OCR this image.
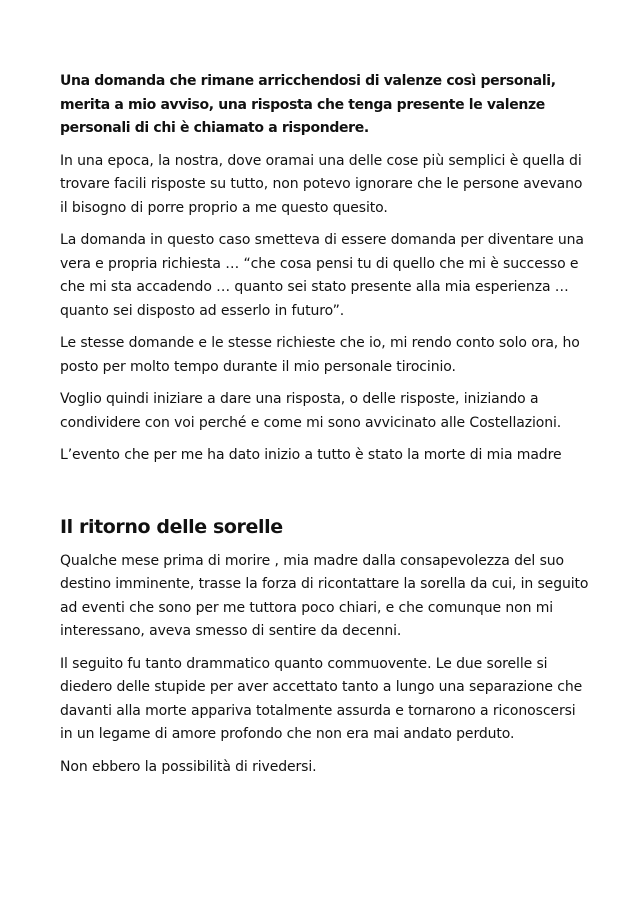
Una domanda che rimane arricchendosi di valenze così personali, merita a mio avviso, una risposta che tenga presente le valenze personali di chi è chiamato a rispondere.

In una epoca, la nostra, dove oramai una delle cose più semplici è quella di trovare facili risposte su tutto, non potevo ignorare che le persone avevano il bisogno di porre proprio a me questo quesito.

La domanda in questo caso smetteva di essere domanda per diventare una vera e propria richiesta … “che cosa pensi tu di quello che mi è successo e che mi sta accadendo … quanto sei stato presente alla mia esperienza … quanto sei disposto ad esserlo in futuro”.

Le stesse domande e le stesse richieste che io, mi rendo conto solo ora, ho posto per molto tempo durante il mio personale tirocinio.

Voglio quindi iniziare a dare una risposta, o delle risposte, iniziando a condividere con voi perché e come mi sono avvicinato alle Costellazioni.

L’evento che per me ha dato inizio a tutto è stato la morte di mia madre

Il ritorno delle sorelle

Qualche mese prima di morire , mia madre dalla consapevolezza del suo destino imminente, trasse la forza di ricontattare la sorella da cui, in seguito ad eventi che sono per me tuttora poco chiari, e che comunque non mi interessano, aveva smesso di sentire da decenni.

Il seguito fu tanto drammatico quanto commuovente. Le due sorelle si diedero delle stupide per aver accettato tanto a lungo una separazione che davanti alla morte appariva totalmente assurda e tornarono a riconoscersi in un legame di amore profondo che non era mai andato perduto.

Non ebbero la possibilità di rivedersi.
